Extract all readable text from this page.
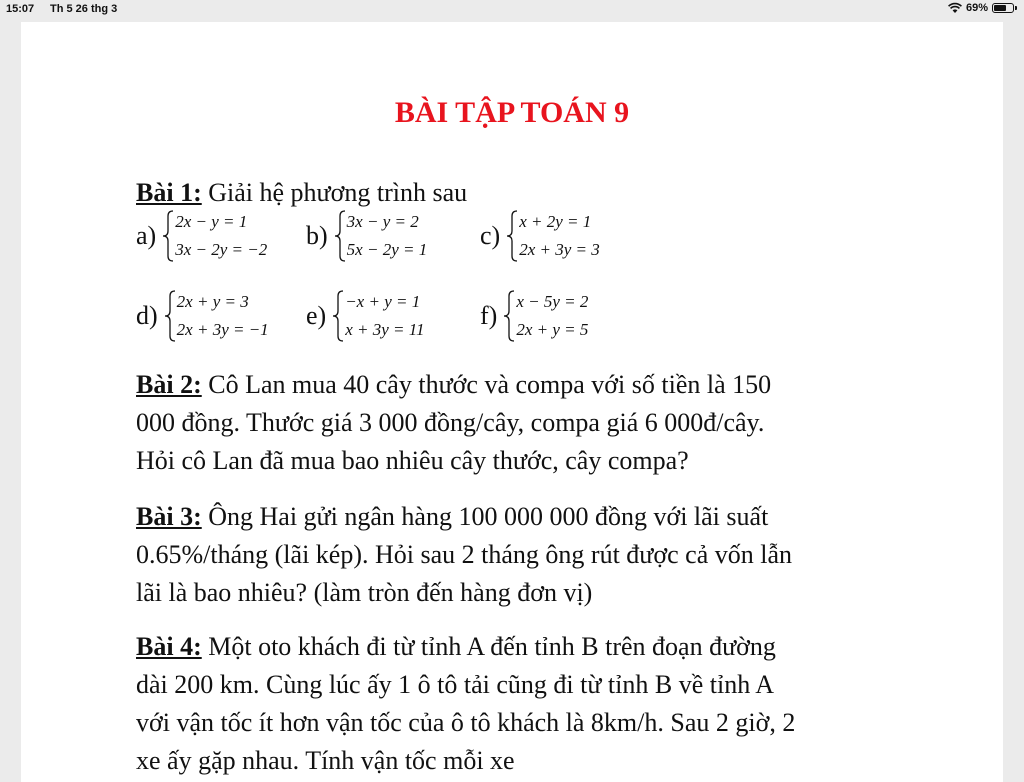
15:07 Th 5 26 thg 3	69%
BÀI TẬP TOÁN 9
Bài 1: Giải hệ phương trình sau
a) 2x − y = 1
3x − 2y = −2 b) 3x − y = 2
5x − 2y = 1 c) x + 2y = 1
2x + 3y = 3
d) 2x + y = 3
2x + 3y = −1 e) −x + y = 1
x + 3y = 11 f) x − 5y = 2
2x + y = 5
Bài 2: Cô Lan mua 40 cây thước và compa với số tiền là 150
000 đồng. Thước giá 3 000 đồng/cây, compa giá 6 000đ/cây.
Hỏi cô Lan đã mua bao nhiêu cây thước, cây compa?
Bài 3: Ông Hai gửi ngân hàng 100 000 000 đồng với lãi suất
0.65%/tháng (lãi kép). Hỏi sau 2 tháng ông rút được cả vốn lẫn
lãi là bao nhiêu? (làm tròn đến hàng đơn vị)
Bài 4: Một oto khách đi từ tỉnh A đến tỉnh B trên đoạn đường
dài 200 km. Cùng lúc ấy 1 ô tô tải cũng đi từ tỉnh B về tỉnh A
với vận tốc ít hơn vận tốc của ô tô khách là 8km/h. Sau 2 giờ, 2
xe ấy gặp nhau. Tính vận tốc mỗi xe
